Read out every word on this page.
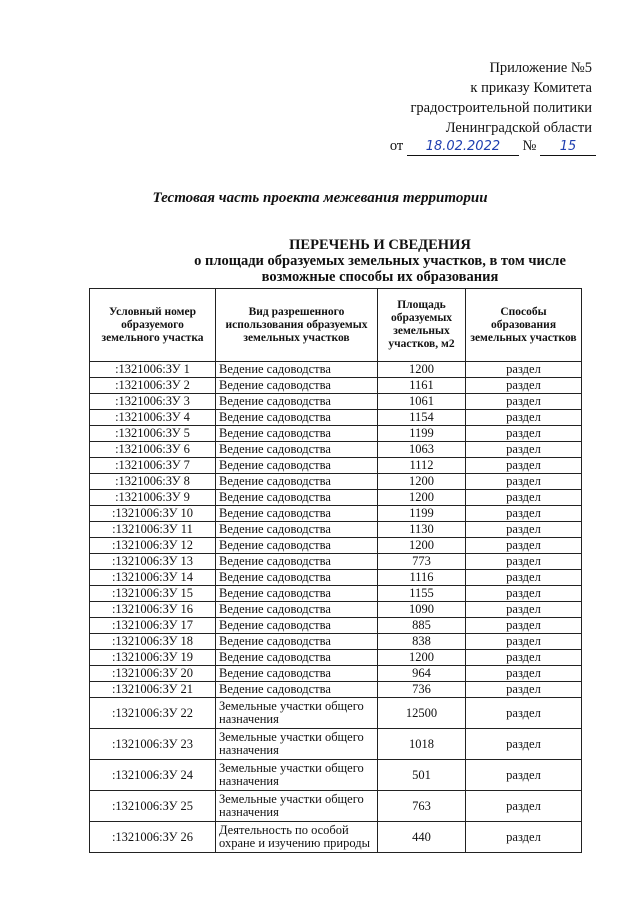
Приложение №5
к приказу Комитета
градостроительной политики
Ленинградской области
от 18.02.2022 № 15
Тестовая часть проекта межевания территории
ПЕРЕЧЕНЬ И СВЕДЕНИЯ
о площади образуемых земельных участков, в том числе
возможные способы их образования
Условный номер образуемого земельного участка	Вид разрешенного использования образуемых земельных участков	Площадь образуемых земельных участков, м2	Способы образования земельных участков
:1321006:ЗУ 1	Ведение садоводства	1200	раздел
:1321006:ЗУ 2	Ведение садоводства	1161	раздел
:1321006:ЗУ 3	Ведение садоводства	1061	раздел
:1321006:ЗУ 4	Ведение садоводства	1154	раздел
:1321006:ЗУ 5	Ведение садоводства	1199	раздел
:1321006:ЗУ 6	Ведение садоводства	1063	раздел
:1321006:ЗУ 7	Ведение садоводства	1112	раздел
:1321006:ЗУ 8	Ведение садоводства	1200	раздел
:1321006:ЗУ 9	Ведение садоводства	1200	раздел
:1321006:ЗУ 10	Ведение садоводства	1199	раздел
:1321006:ЗУ 11	Ведение садоводства	1130	раздел
:1321006:ЗУ 12	Ведение садоводства	1200	раздел
:1321006:ЗУ 13	Ведение садоводства	773	раздел
:1321006:ЗУ 14	Ведение садоводства	1116	раздел
:1321006:ЗУ 15	Ведение садоводства	1155	раздел
:1321006:ЗУ 16	Ведение садоводства	1090	раздел
:1321006:ЗУ 17	Ведение садоводства	885	раздел
:1321006:ЗУ 18	Ведение садоводства	838	раздел
:1321006:ЗУ 19	Ведение садоводства	1200	раздел
:1321006:ЗУ 20	Ведение садоводства	964	раздел
:1321006:ЗУ 21	Ведение садоводства	736	раздел
:1321006:ЗУ 22	Земельные участки общего назначения	12500	раздел
:1321006:ЗУ 23	Земельные участки общего назначения	1018	раздел
:1321006:ЗУ 24	Земельные участки общего назначения	501	раздел
:1321006:ЗУ 25	Земельные участки общего назначения	763	раздел
:1321006:ЗУ 26	Деятельность по особой охране и изучению природы	440	раздел
